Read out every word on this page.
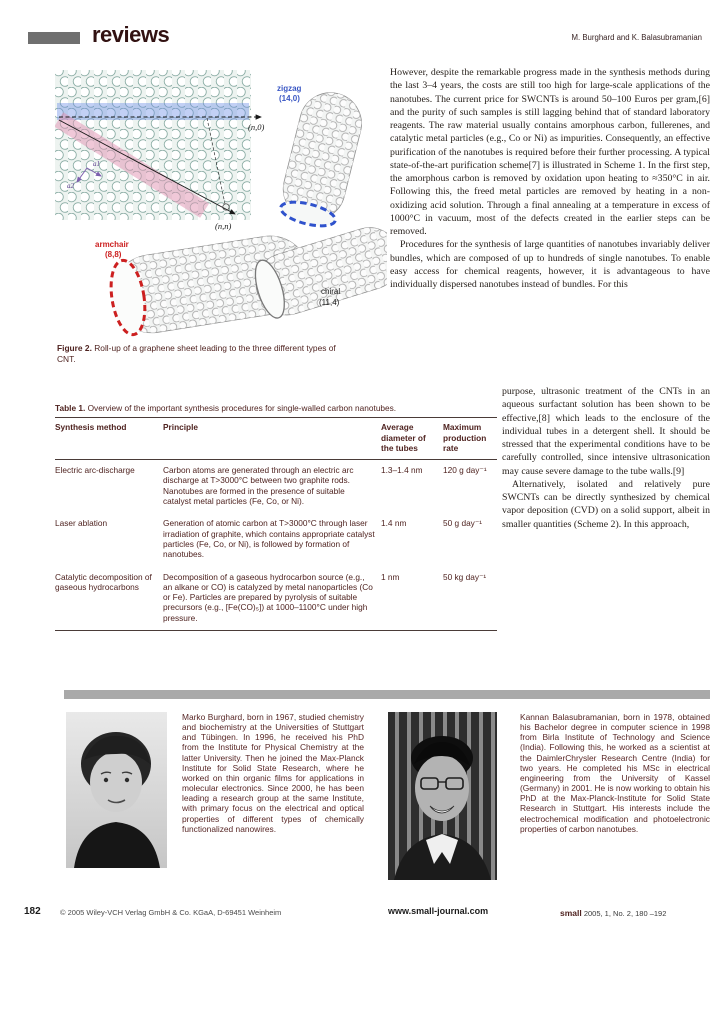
reviews	M. Burghard and K. Balasubramanian
a1
a2
(n,0)
(n,n)
zigzag
(14,0)
armchair
(8,8)
chiral
(11,4)
Figure 2. Roll-up of a graphene sheet leading to the three different types of CNT.

However, despite the remarkable progress made in the synthesis methods during the last 3–4 years, the costs are still too high for large-scale applications of the nanotubes. The current price for SWCNTs is around 50–100 Euros per gram,[6] and the purity of such samples is still lagging behind that of standard laboratory reagents. The raw material usually contains amorphous carbon, fullerenes, and catalytic metal particles (e.g., Co or Ni) as impurities. Consequently, an effective purification of the nanotubes is required before their further processing. A typical state-of-the-art purification scheme[7] is illustrated in Scheme 1. In the first step, the amorphous carbon is removed by oxidation upon heating to ≈350°C in air. Following this, the freed metal particles are removed by heating in a non-oxidizing acid solution. Through a final annealing at a temperature in excess of 1000°C in vacuum, most of the defects created in the earlier steps can be removed.

Procedures for the synthesis of large quantities of nanotubes invariably deliver bundles, which are composed of up to hundreds of single nanotubes. To enable easy access for chemical reagents, however, it is advantageous to have individually dispersed nanotubes instead of bundles. For this

purpose, ultrasonic treatment of the CNTs in an aqueous surfactant solution has been shown to be effective,[8] which leads to the enclosure of the individual tubes in a detergent shell. It should be stressed that the experimental conditions have to be carefully controlled, since intensive ultrasonication may cause severe damage to the tube walls.[9]

Alternatively, isolated and relatively pure SWCNTs can be directly synthesized by chemical vapor deposition (CVD) on a solid support, albeit in smaller quantities (Scheme 2). In this approach,

Table 1. Overview of the important synthesis procedures for single-walled carbon nanotubes.

Synthesis method	Principle	Average diameter of the tubes	Maximum production rate
Electric arc-discharge	Carbon atoms are generated through an electric arc discharge at T>3000°C between two graphite rods. Nanotubes are formed in the presence of suitable catalyst metal particles (Fe, Co, or Ni).	1.3–1.4 nm	120 g day⁻¹
Laser ablation	Generation of atomic carbon at T>3000°C through laser irradiation of graphite, which contains appropriate catalyst particles (Fe, Co, or Ni), is followed by formation of nanotubes.	1.4 nm	50 g day⁻¹
Catalytic decomposition of gaseous hydrocarbons	Decomposition of a gaseous hydrocarbon source (e.g., an alkane or CO) is catalyzed by metal nanoparticles (Co or Fe). Particles are prepared by pyrolysis of suitable precursors (e.g., [Fe(CO)₅]) at 1000–1100°C under high pressure.	1 nm	50 kg day⁻¹
Marko Burghard, born in 1967, studied chemistry and biochemistry at the Universities of Stuttgart and Tübingen. In 1996, he received his PhD from the Institute for Physical Chemistry at the latter University. Then he joined the Max-Planck Institute for Solid State Research, where he worked on thin organic films for applications in molecular electronics. Since 2000, he has been leading a research group at the same Institute, with primary focus on the electrical and optical properties of different types of chemically functionalized nanowires.
Kannan Balasubramanian, born in 1978, obtained his Bachelor degree in computer science in 1998 from Birla Institute of Technology and Science (India). Following this, he worked as a scientist at the DaimlerChrysler Research Centre (India) for two years. He completed his MSc in electrical engineering from the University of Kassel (Germany) in 2001. He is now working to obtain his PhD at the Max-Planck-Institute for Solid State Research in Stuttgart. His interests include the electrochemical modification and photoelectronic properties of carbon nanotubes.
182	© 2005 Wiley-VCH Verlag GmbH & Co. KGaA, D-69451 Weinheim	www.small-journal.com	small 2005, 1, No. 2, 180 –192
